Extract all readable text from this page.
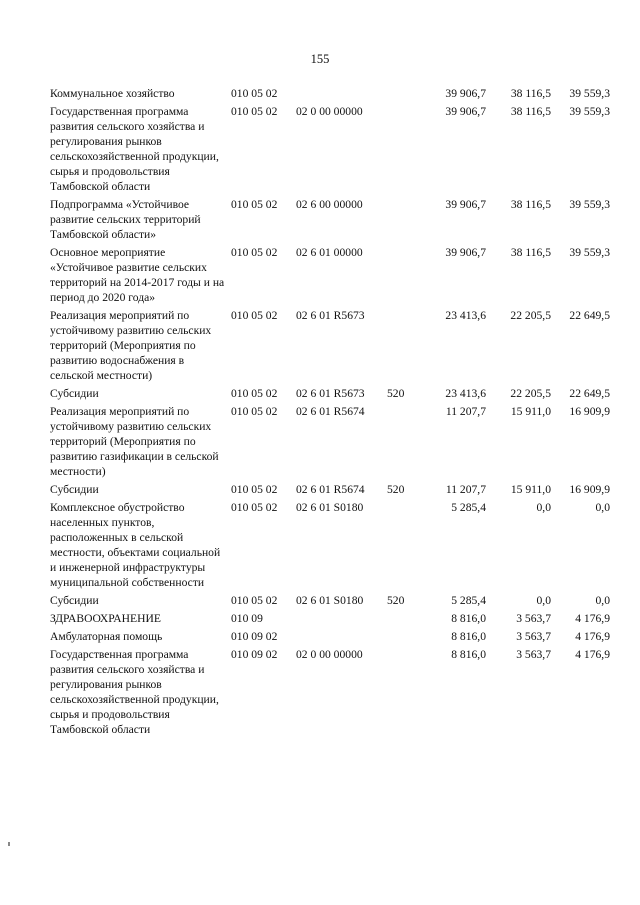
155
Коммунальное хозяйство	010 05 02			39 906,7	38 116,5	39 559,3
Государственная программа развития сельского хозяйства и регулирования рынков сельскохозяйственной продукции, сырья и продовольствия Тамбовской области	010 05 02	02 0 00 00000		39 906,7	38 116,5	39 559,3
Подпрограмма «Устойчивое развитие сельских территорий Тамбовской области»	010 05 02	02 6 00 00000		39 906,7	38 116,5	39 559,3
Основное мероприятие «Устойчивое развитие сельских территорий на 2014-2017 годы и на период до 2020 года»	010 05 02	02 6 01 00000		39 906,7	38 116,5	39 559,3
Реализация мероприятий по устойчивому развитию сельских территорий (Мероприятия по развитию водоснабжения в сельской местности)	010 05 02	02 6 01 R5673		23 413,6	22 205,5	22 649,5
Субсидии	010 05 02	02 6 01 R5673	520	23 413,6	22 205,5	22 649,5
Реализация мероприятий по устойчивому развитию сельских территорий (Мероприятия по развитию газификации в сельской местности)	010 05 02	02 6 01 R5674		11 207,7	15 911,0	16 909,9
Субсидии	010 05 02	02 6 01 R5674	520	11 207,7	15 911,0	16 909,9
Комплексное обустройство населенных пунктов, расположенных в сельской местности, объектами социальной и инженерной инфраструктуры муниципальной собственности	010 05 02	02 6 01 S0180		5 285,4	0,0	0,0
Субсидии	010 05 02	02 6 01 S0180	520	5 285,4	0,0	0,0
ЗДРАВООХРАНЕНИЕ	010 09			8 816,0	3 563,7	4 176,9
Амбулаторная помощь	010 09 02			8 816,0	3 563,7	4 176,9
Государственная программа развития сельского хозяйства и регулирования рынков сельскохозяйственной продукции, сырья и продовольствия Тамбовской области	010 09 02	02 0 00 00000		8 816,0	3 563,7	4 176,9
